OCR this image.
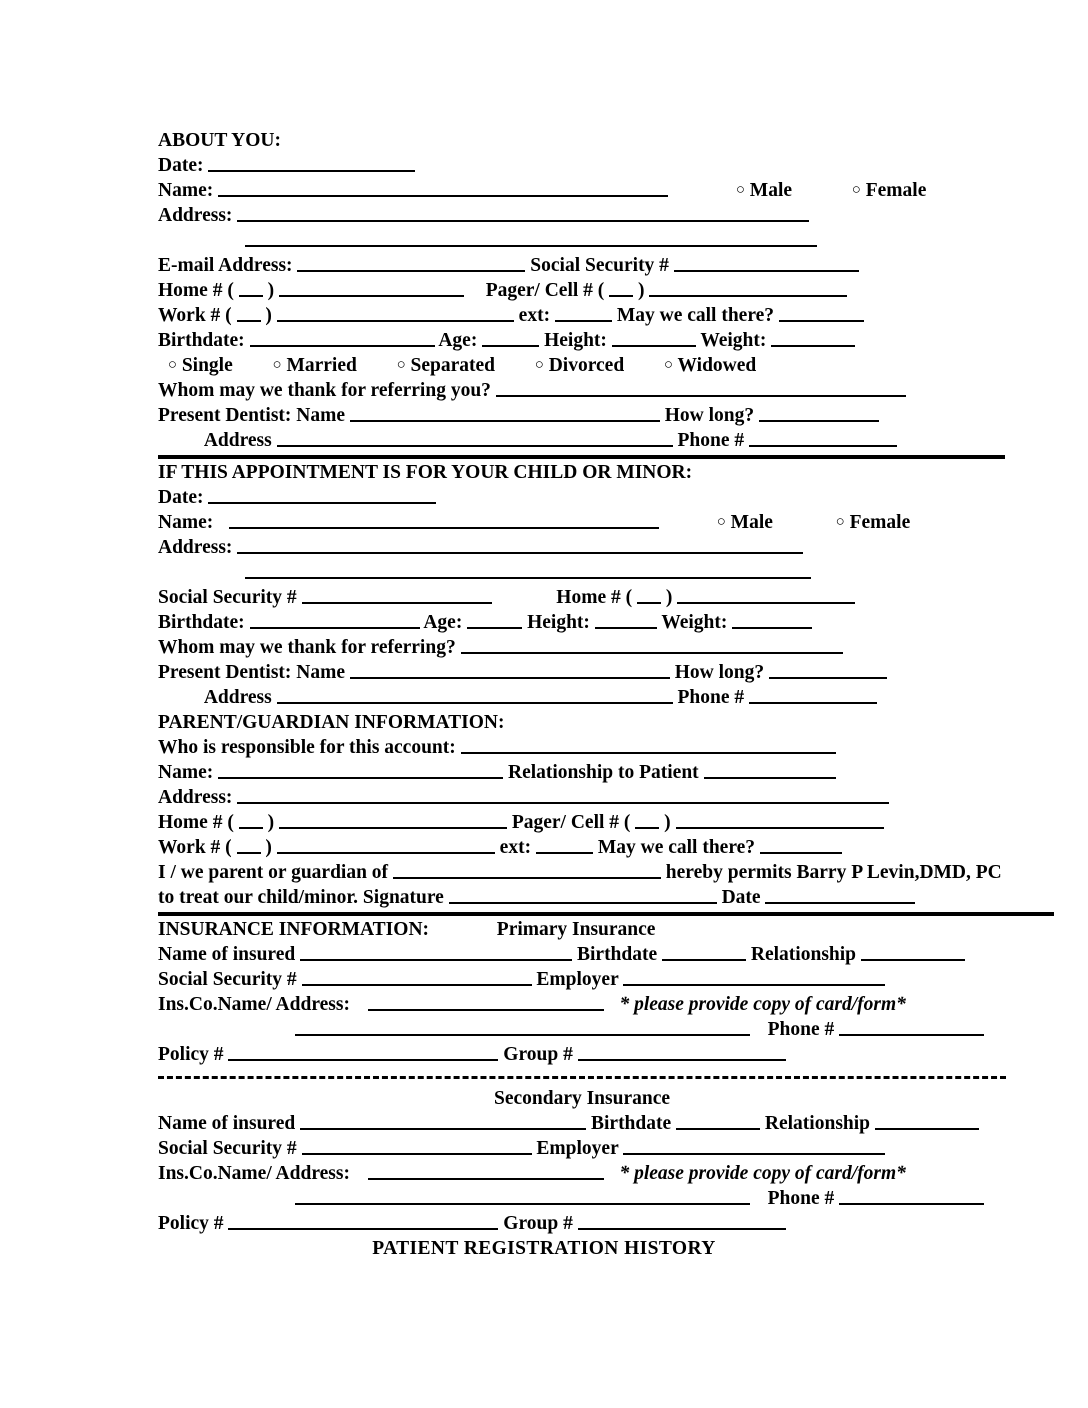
ABOUT YOU:
Date:
Name:	○ Male	○ Female
Address:

E-mail Address:	Social Security #
Home # ( )	Pager/ Cell # ( )
Work # ( )	ext:	May we call there?
Birthdate:	Age:	Height:	Weight:
○ Single	○ Married	○ Separated	○ Divorced	○ Widowed
Whom may we thank for referring you?
Present Dentist: Name	How long?
Address	Phone #
IF THIS APPOINTMENT IS FOR YOUR CHILD OR MINOR:
Date:
Name:	○ Male	○ Female
Address:

Social Security #	Home # ( )
Birthdate:	Age:	Height:	Weight:
Whom may we thank for referring?
Present Dentist: Name	How long?
Address	Phone #
PARENT/GUARDIAN INFORMATION:
Who is responsible for this account:
Name:	Relationship to Patient
Address:
Home # ( )	Pager/ Cell # ( )
Work # ( )	ext:	May we call there?
I / we parent or guardian of	hereby permits Barry P Levin,DMD, PC
to treat our child/minor. Signature	Date
INSURANCE INFORMATION:	Primary Insurance
Name of insured	Birthdate	Relationship
Social Security #	Employer
Ins.Co.Name/ Address:	* please provide copy of card/form*
Phone #
Policy #	Group #
Secondary Insurance
Name of insured	Birthdate	Relationship
Social Security #	Employer
Ins.Co.Name/ Address:	* please provide copy of card/form*
Phone #
Policy #	Group #
PATIENT REGISTRATION HISTORY
